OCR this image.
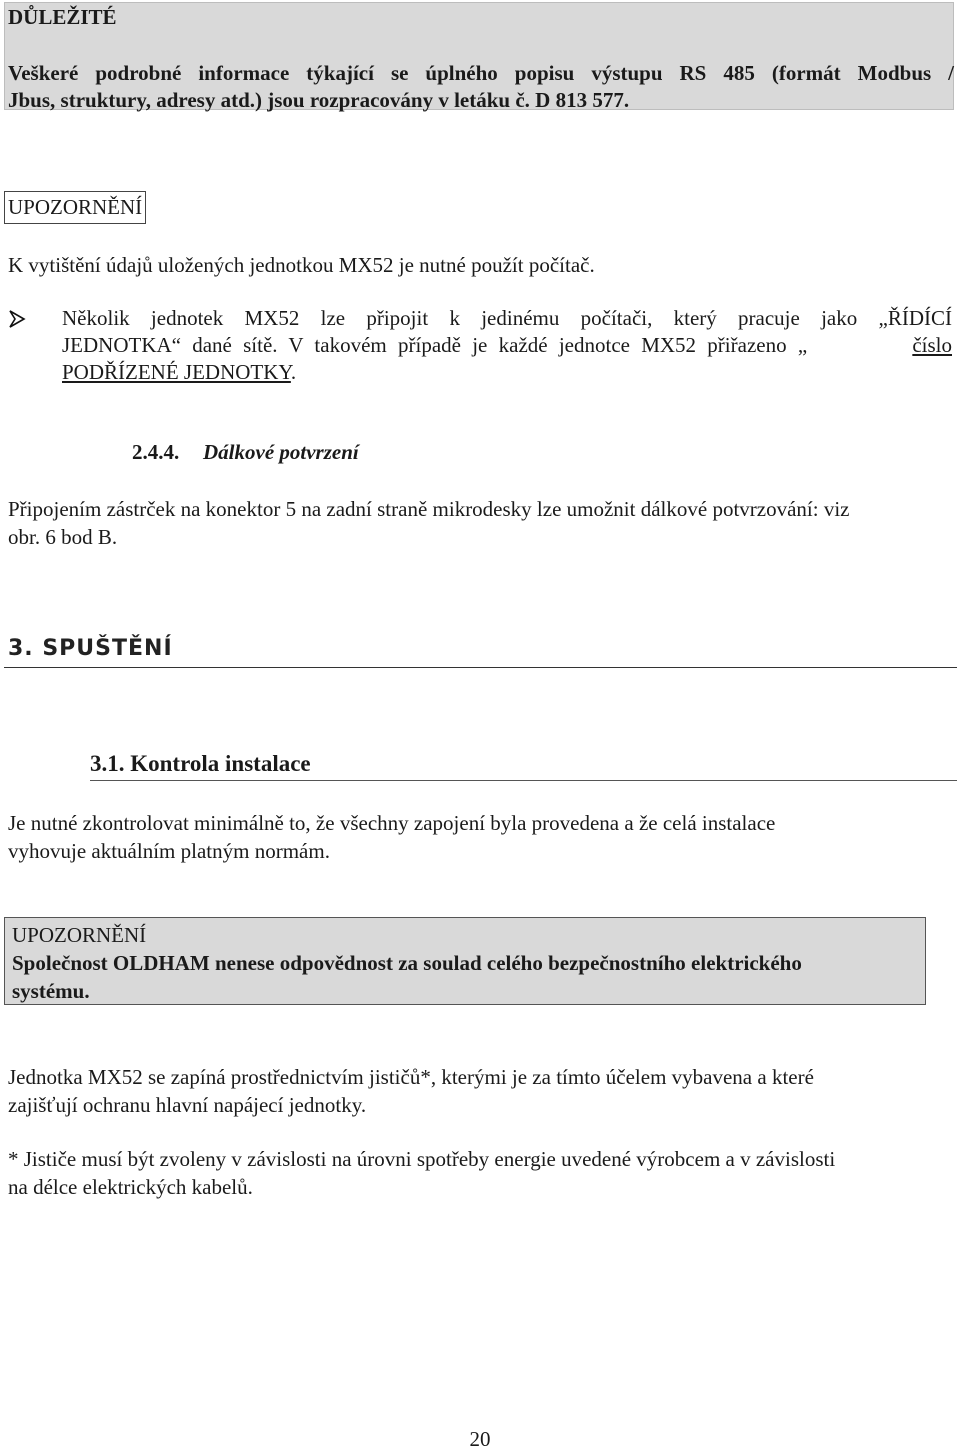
DŮLEŽITÉ
Veškeré podrobné informace týkající se úplného popisu výstupu RS 485 (formát Modbus /
Jbus, struktury, adresy atd.) jsou rozpracovány v letáku č. D 813 577.
UPOZORNĚNÍ
K vytištění údajů uložených jednotkou MX52 je nutné použít počítač.
Několik jednotek MX52 lze připojit k jedinému počítači, který pracuje jako „ŘÍDÍCÍ
JEDNOTKA“ dané sítě. V takovém případě je každé jednotce MX52 přiřazeno „	číslo
PODŘÍZENÉ JEDNOTKY.
2.4.4. Dálkové potvrzení
Připojením zástrček na konektor 5 na zadní straně mikrodesky lze umožnit dálkové potvrzování: viz
obr. 6 bod B.
3. SPUŠTĚNÍ
3.1. Kontrola instalace
Je nutné zkontrolovat minimálně to, že všechny zapojení byla provedena a že celá instalace
vyhovuje aktuálním platným normám.
UPOZORNĚNÍ
Společnost OLDHAM nenese odpovědnost za soulad celého bezpečnostního elektrického
systému.
Jednotka MX52 se zapíná prostřednictvím jističů*, kterými je za tímto účelem vybavena a které
zajišťují ochranu hlavní napájecí jednotky.
* Jističe musí být zvoleny v závislosti na úrovni spotřeby energie uvedené výrobcem a v závislosti
na délce elektrických kabelů.
20
